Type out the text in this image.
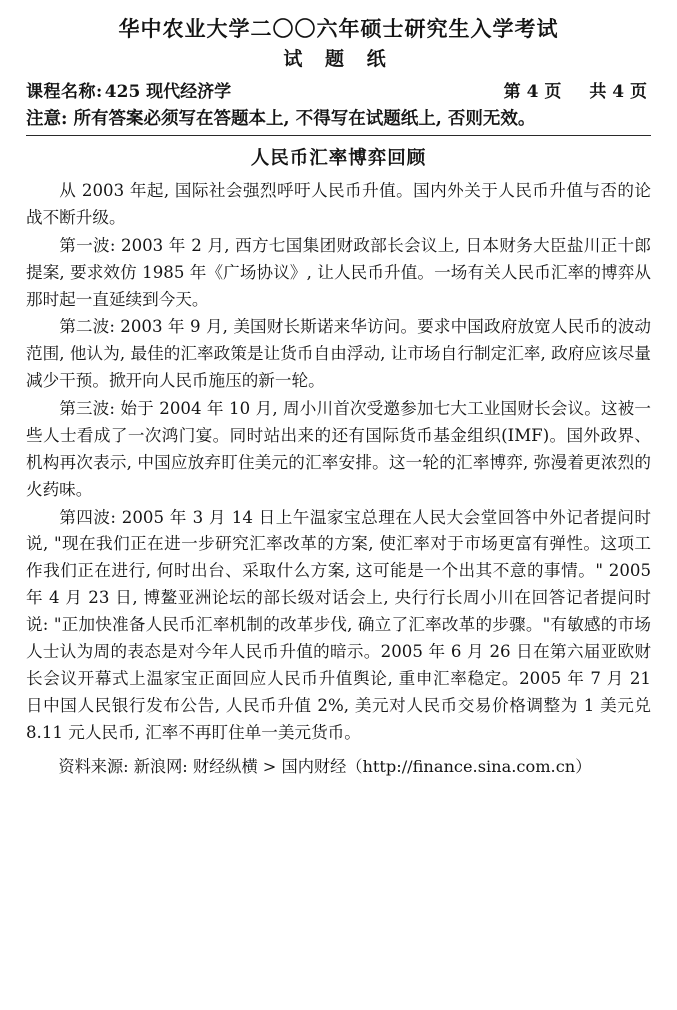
华中农业大学二〇〇六年硕士研究生入学考试
试 题 纸
课程名称: 425 现代经济学	第 4 页 共 4 页
注意: 所有答案必须写在答题本上, 不得写在试题纸上, 否则无效。
人民币汇率博弈回顾

从 2003 年起, 国际社会强烈呼吁人民币升值。国内外关于人民币升值与否的论战不断升级。

第一波: 2003 年 2 月, 西方七国集团财政部长会议上, 日本财务大臣盐川正十郎提案, 要求效仿 1985 年《广场协议》, 让人民币升值。一场有关人民币汇率的博弈从那时起一直延续到今天。

第二波: 2003 年 9 月, 美国财长斯诺来华访问。要求中国政府放宽人民币的波动范围, 他认为, 最佳的汇率政策是让货币自由浮动, 让市场自行制定汇率, 政府应该尽量减少干预。掀开向人民币施压的新一轮。

第三波: 始于 2004 年 10 月, 周小川首次受邀参加七大工业国财长会议。这被一些人士看成了一次鸿门宴。同时站出来的还有国际货币基金组织(IMF)。国外政界、机构再次表示, 中国应放弃盯住美元的汇率安排。这一轮的汇率博弈, 弥漫着更浓烈的火药味。

第四波: 2005 年 3 月 14 日上午温家宝总理在人民大会堂回答中外记者提问时说, "现在我们正在进一步研究汇率改革的方案, 使汇率对于市场更富有弹性。这项工作我们正在进行, 何时出台、采取什么方案, 这可能是一个出其不意的事情。" 2005 年 4 月 23 日, 博鳌亚洲论坛的部长级对话会上, 央行行长周小川在回答记者提问时说: "正加快准备人民币汇率机制的改革步伐, 确立了汇率改革的步骤。"有敏感的市场人士认为周的表态是对今年人民币升值的暗示。2005 年 6 月 26 日在第六届亚欧财长会议开幕式上温家宝正面回应人民币升值舆论, 重申汇率稳定。2005 年 7 月 21 日中国人民银行发布公告, 人民币升值 2%, 美元对人民币交易价格调整为 1 美元兑 8.11 元人民币, 汇率不再盯住单一美元货币。

资料来源: 新浪网: 财经纵横 > 国内财经（http://finance.sina.com.cn）
